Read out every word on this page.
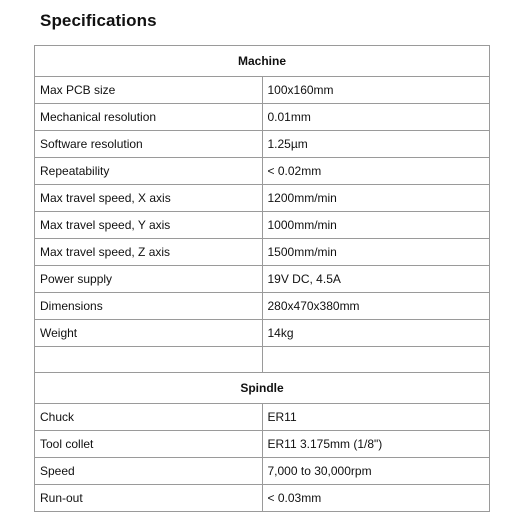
Specifications
Machine	
Max PCB size	100x160mm
Mechanical resolution	0.01mm
Software resolution	1.25µm
Repeatability	< 0.02mm
Max travel speed, X axis	1200mm/min
Max travel speed, Y axis	1000mm/min
Max travel speed, Z axis	1500mm/min
Power supply	19V DC, 4.5A
Dimensions	280x470x380mm
Weight	14kg

Spindle	
Chuck	ER11
Tool collet	ER11 3.175mm (1/8")
Speed	7,000 to 30,000rpm
Run-out	< 0.03mm
